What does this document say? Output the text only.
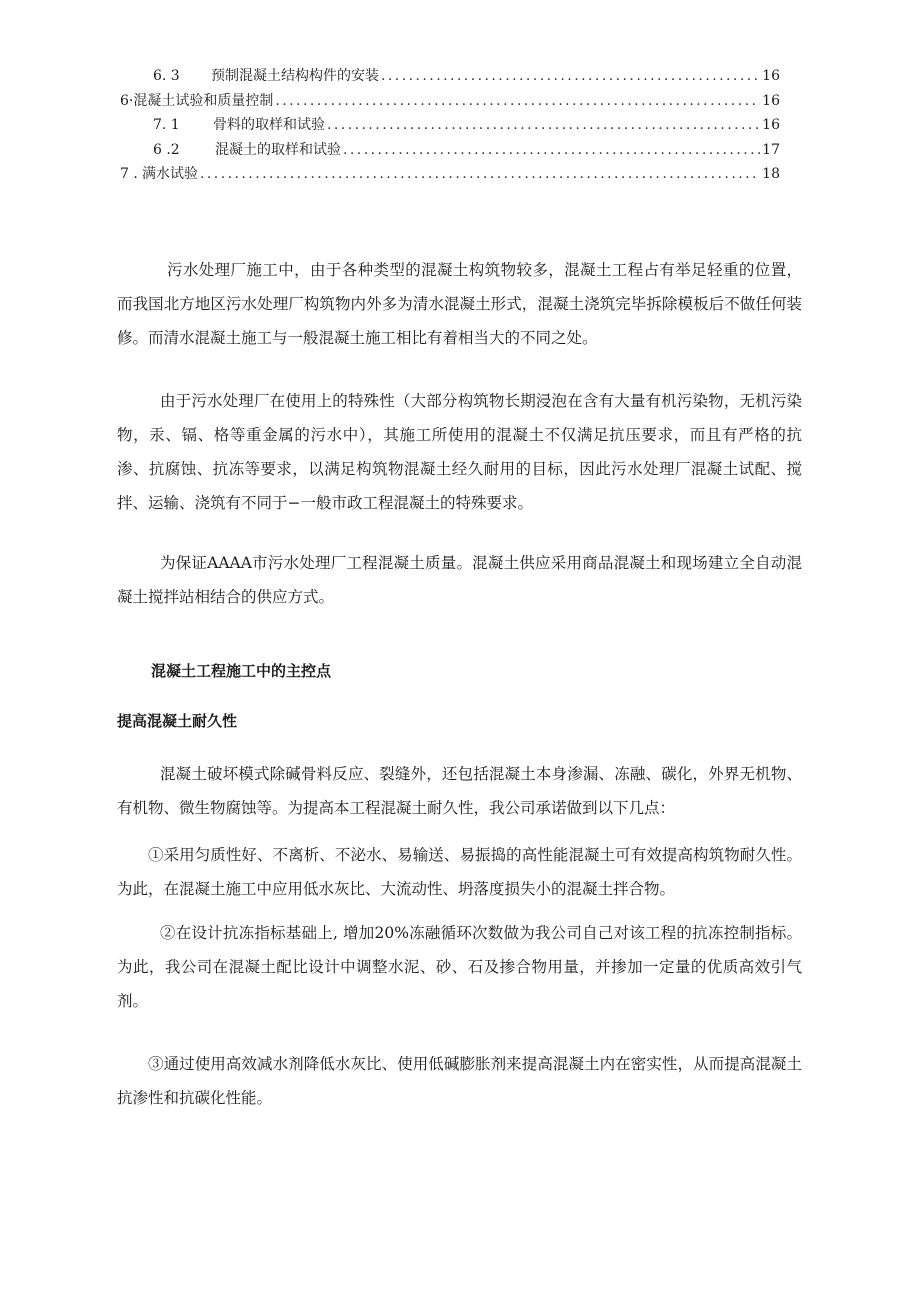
6. 3	预制混凝土结构构件的安装 . . .	16
6· 混凝土试验和质量控制 . . .	16
7. 1	骨料的取样和试验 . . .	16
6 .2	混凝土的取样和试验 . . .	17
7 . 满水试验 . . .	18

污水处理厂施工中，由于各种类型的混凝土构筑物较多，混凝土工程占有举足轻重的位置，而我国北方地区污水处理厂构筑物内外多为清水混凝土形式，混凝土浇筑完毕拆除模板后不做任何装修。而清水混凝土施工与一般混凝土施工相比有着相当大的不同之处。

由于污水处理厂在使用上的特殊性（大部分构筑物长期浸泡在含有大量有机污染物，无机污染物，汞、镉、格等重金属的污水中），其施工所使用的混凝土不仅满足抗压要求，而且有严格的抗渗、抗腐蚀、抗冻等要求，以满足构筑物混凝土经久耐用的目标，因此污水处理厂混凝土试配、搅拌、运输、浇筑有不同于−一般市政工程混凝土的特殊要求。

为保证AAAA市污水处理厂工程混凝土质量。混凝土供应采用商品混凝土和现场建立全自动混凝土搅拌站相结合的供应方式。

混凝土工程施工中的主控点
提高混凝土耐久性

混凝土破坏模式除碱骨料反应、裂缝外，还包括混凝土本身渗漏、冻融、碳化，外界无机物、有机物、微生物腐蚀等。为提高本工程混凝土耐久性，我公司承诺做到以下几点：

①采用匀质性好、不离析、不泌水、易输送、易振捣的高性能混凝土可有效提高构筑物耐久性。为此，在混凝土施工中应用低水灰比、大流动性、坍落度损失小的混凝土拌合物。

②在设计抗冻指标基础上, 增加20%冻融循环次数做为我公司自己对该工程的抗冻控制指标。为此，我公司在混凝土配比设计中调整水泥、砂、石及掺合物用量，并掺加一定量的优质高效引气剂。

③通过使用高效减水剂降低水灰比、使用低碱膨胀剂来提高混凝土内在密实性，从而提高混凝土抗渗性和抗碳化性能。
